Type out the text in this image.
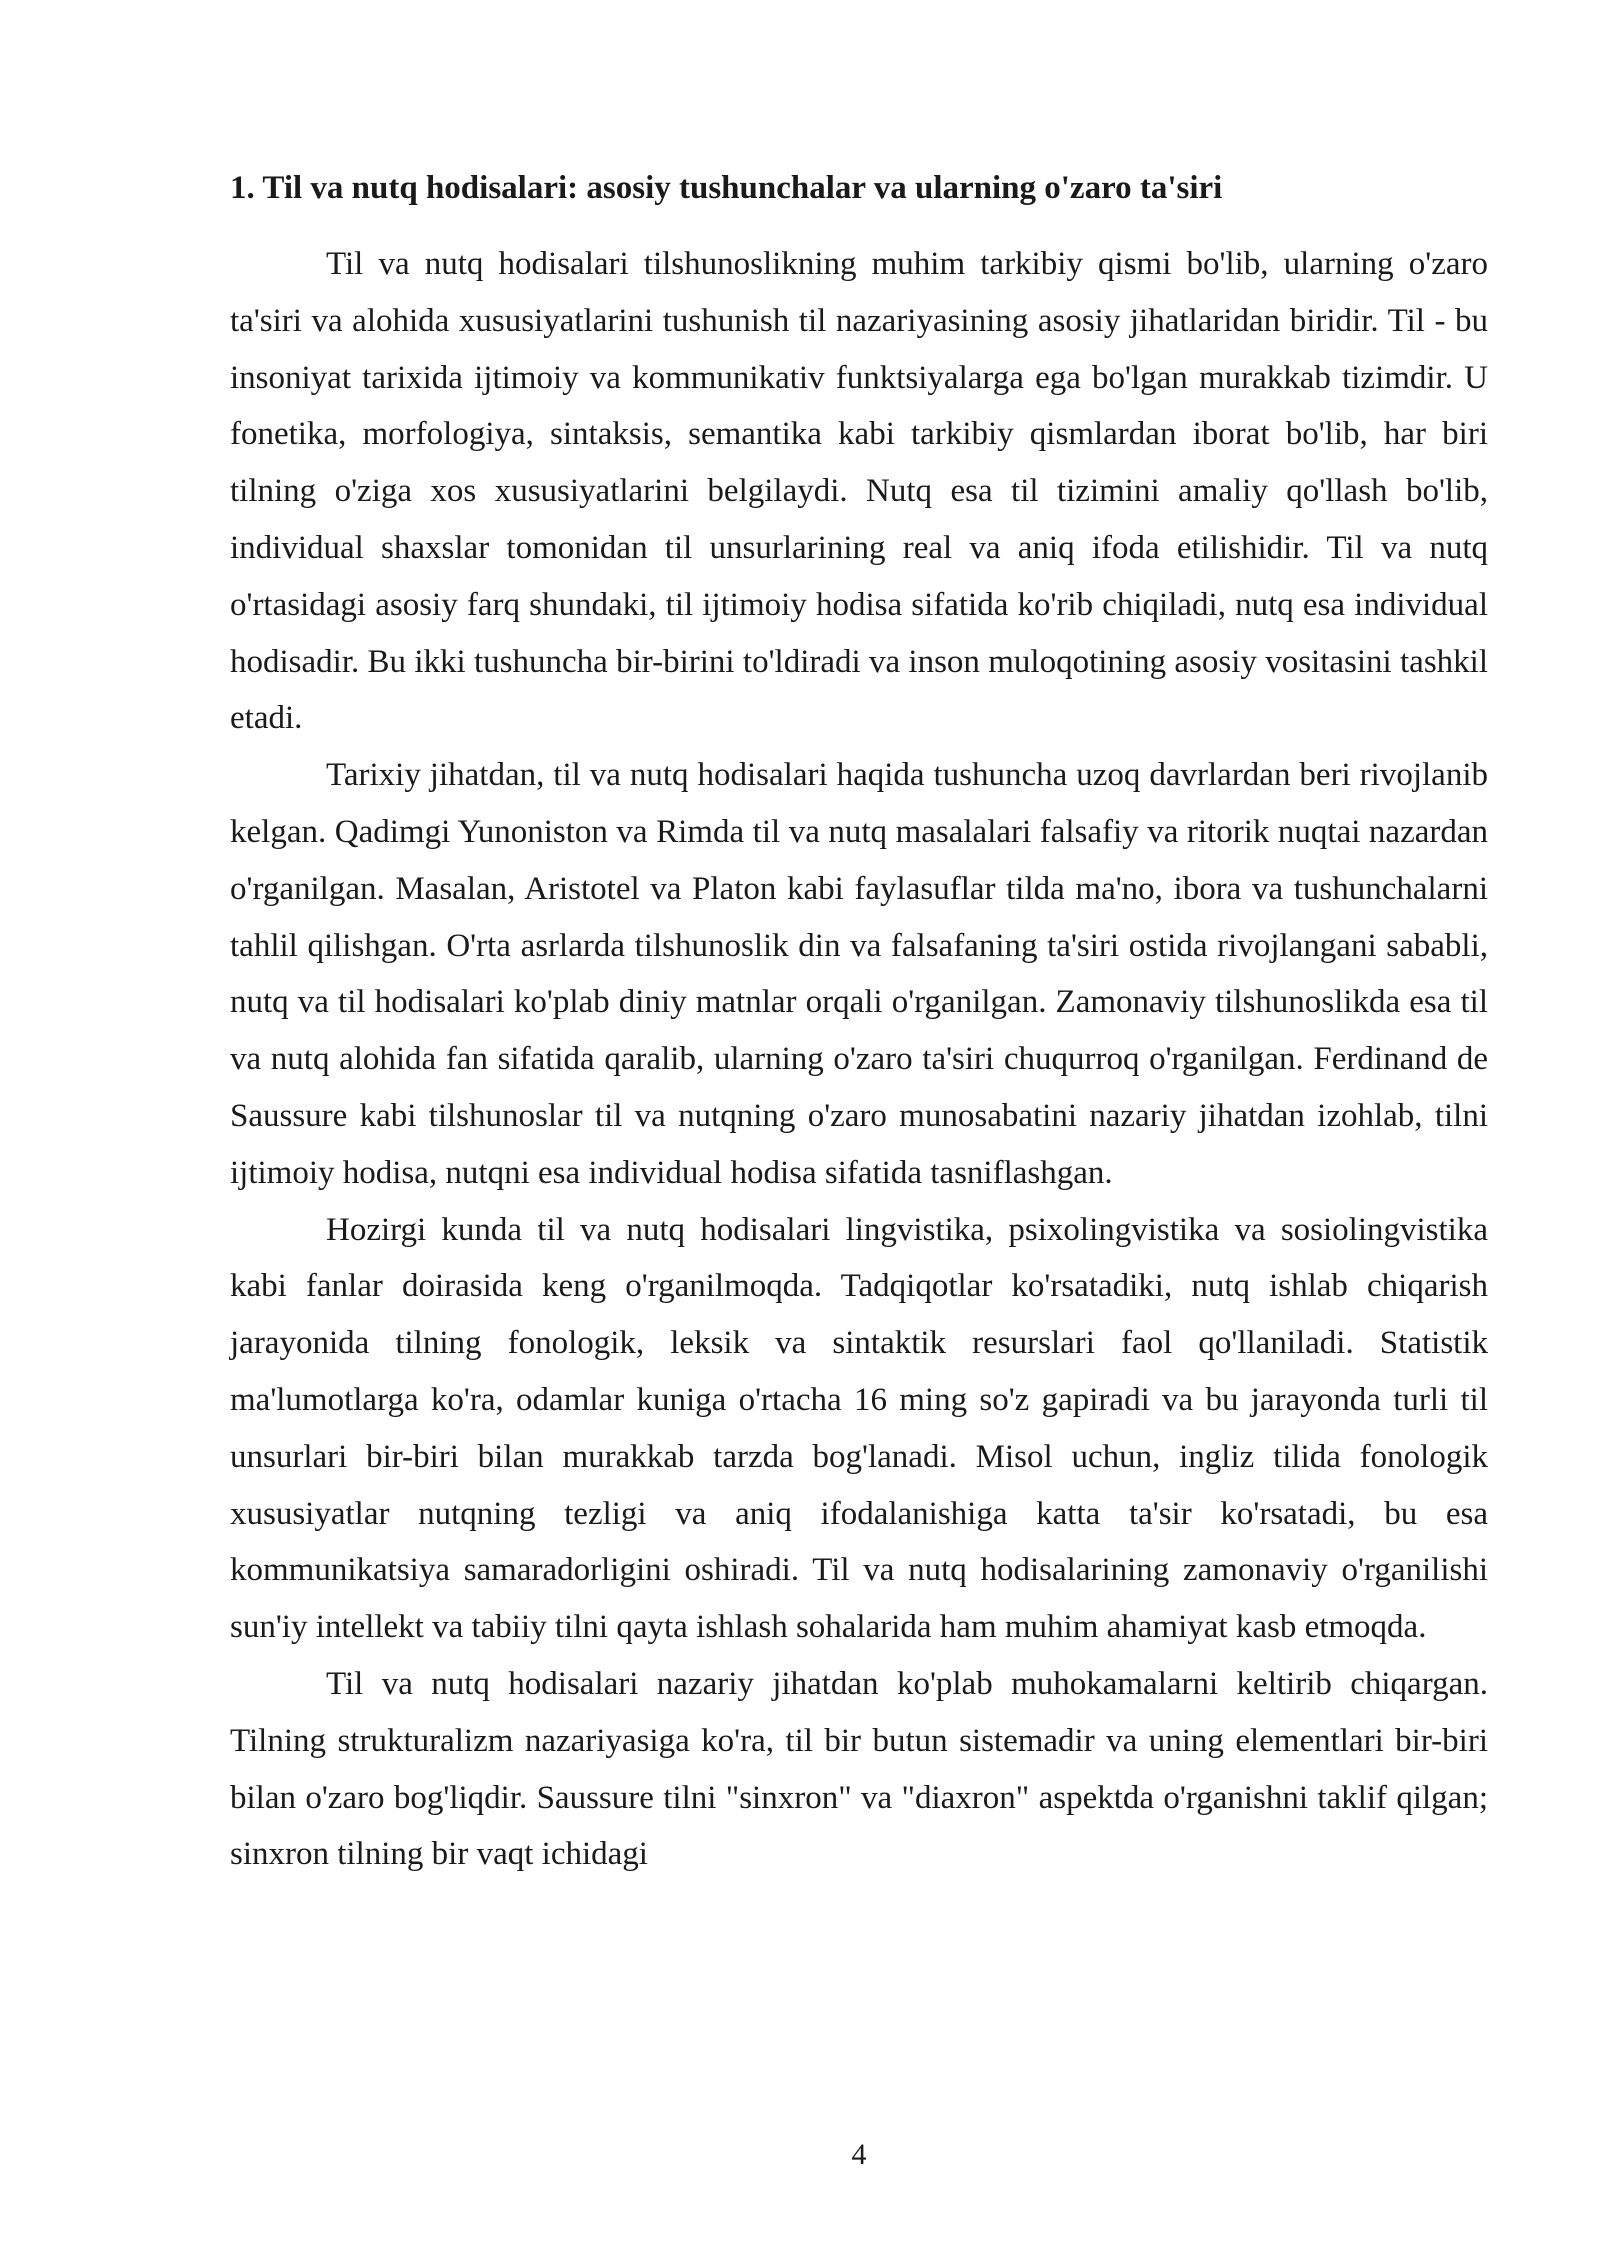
1. Til va nutq hodisalari: asosiy tushunchalar va ularning o'zaro ta'siri

Til va nutq hodisalari tilshunoslikning muhim tarkibiy qismi bo'lib, ularning o'zaro ta'siri va alohida xususiyatlarini tushunish til nazariyasining asosiy jihatlaridan biridir. Til - bu insoniyat tarixida ijtimoiy va kommunikativ funktsiyalarga ega bo'lgan murakkab tizimdir. U fonetika, morfologiya, sintaksis, semantika kabi tarkibiy qismlardan iborat bo'lib, har biri tilning o'ziga xos xususiyatlarini belgilaydi. Nutq esa til tizimini amaliy qo'llash bo'lib, individual shaxslar tomonidan til unsurlarining real va aniq ifoda etilishidir. Til va nutq o'rtasidagi asosiy farq shundaki, til ijtimoiy hodisa sifatida ko'rib chiqiladi, nutq esa individual hodisadir. Bu ikki tushuncha bir-birini to'ldiradi va inson muloqotining asosiy vositasini tashkil etadi.

Tarixiy jihatdan, til va nutq hodisalari haqida tushuncha uzoq davrlardan beri rivojlanib kelgan. Qadimgi Yunoniston va Rimda til va nutq masalalari falsafiy va ritorik nuqtai nazardan o'rganilgan. Masalan, Aristotel va Platon kabi faylasuflar tilda ma'no, ibora va tushunchalarni tahlil qilishgan. O'rta asrlarda tilshunoslik din va falsafaning ta'siri ostida rivojlangani sababli, nutq va til hodisalari ko'plab diniy matnlar orqali o'rganilgan. Zamonaviy tilshunoslikda esa til va nutq alohida fan sifatida qaralib, ularning o'zaro ta'siri chuqurroq o'rganilgan. Ferdinand de Saussure kabi tilshunoslar til va nutqning o'zaro munosabatini nazariy jihatdan izohlab, tilni ijtimoiy hodisa, nutqni esa individual hodisa sifatida tasniflashgan.

Hozirgi kunda til va nutq hodisalari lingvistika, psixolingvistika va sosiolingvistika kabi fanlar doirasida keng o'rganilmoqda. Tadqiqotlar ko'rsatadiki, nutq ishlab chiqarish jarayonida tilning fonologik, leksik va sintaktik resurslari faol qo'llaniladi. Statistik ma'lumotlarga ko'ra, odamlar kuniga o'rtacha 16 ming so'z gapiradi va bu jarayonda turli til unsurlari bir-biri bilan murakkab tarzda bog'lanadi. Misol uchun, ingliz tilida fonologik xususiyatlar nutqning tezligi va aniq ifodalanishiga katta ta'sir ko'rsatadi, bu esa kommunikatsiya samaradorligini oshiradi. Til va nutq hodisalarining zamonaviy o'rganilishi sun'iy intellekt va tabiiy tilni qayta ishlash sohalarida ham muhim ahamiyat kasb etmoqda.

Til va nutq hodisalari nazariy jihatdan ko'plab muhokamalarni keltirib chiqargan. Tilning strukturalizm nazariyasiga ko'ra, til bir butun sistemadir va uning elementlari bir-biri bilan o'zaro bog'liqdir. Saussure tilni "sinxron" va "diaxron" aspektda o'rganishni taklif qilgan; sinxron tilning bir vaqt ichidagi

4
